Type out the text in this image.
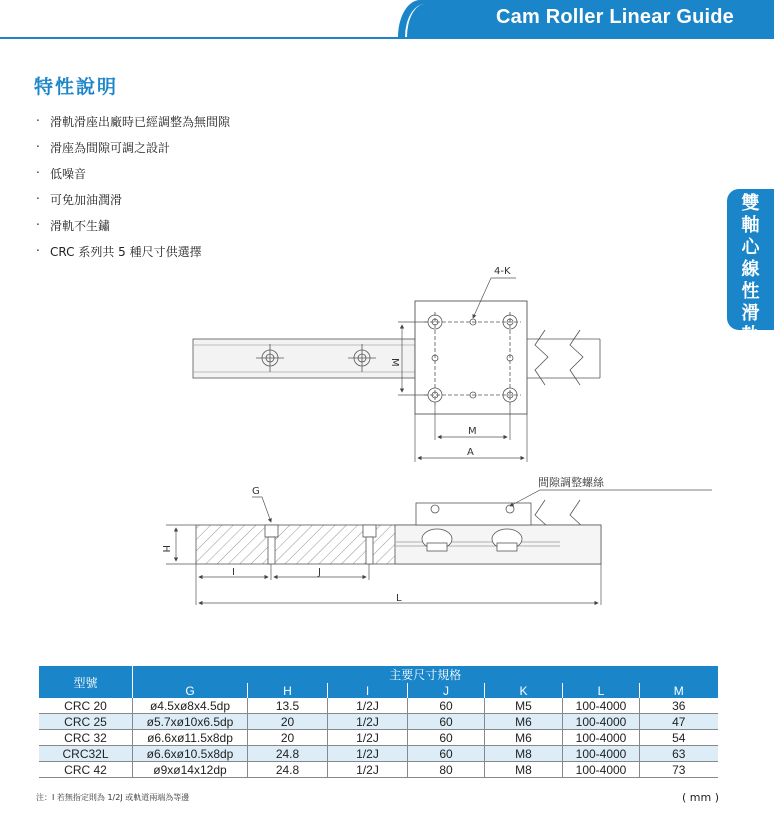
Cam Roller Linear Guide
特性說明
‧ 滑軌滑座出廠時已經調整為無間隙
‧ 滑座為間隙可調之設計
‧ 低噪音
‧ 可免加油潤滑
‧ 滑軌不生鏽
‧ CRC 系列共 5 種尺寸供選擇
雙
軸
心
線
性
滑
軌
4-K
M
M
A
G
H
I	J
L
間隙調整螺絲
型號	主要尺寸規格						
	G	H	I	J	K	L	M
CRC 20	ø4.5xø8x4.5dp	13.5	1/2J	60	M5	100-4000	36
CRC 25	ø5.7xø10x6.5dp	20	1/2J	60	M6	100-4000	47
CRC 32	ø6.6xø11.5x8dp	20	1/2J	60	M6	100-4000	54
CRC32L	ø6.6xø10.5x8dp	24.8	1/2J	60	M8	100-4000	63
CRC 42	ø9xø14x12dp	24.8	1/2J	80	M8	100-4000	73
注：I 若無指定則為 1/2J 或軌道兩端為等邊	( mm )
